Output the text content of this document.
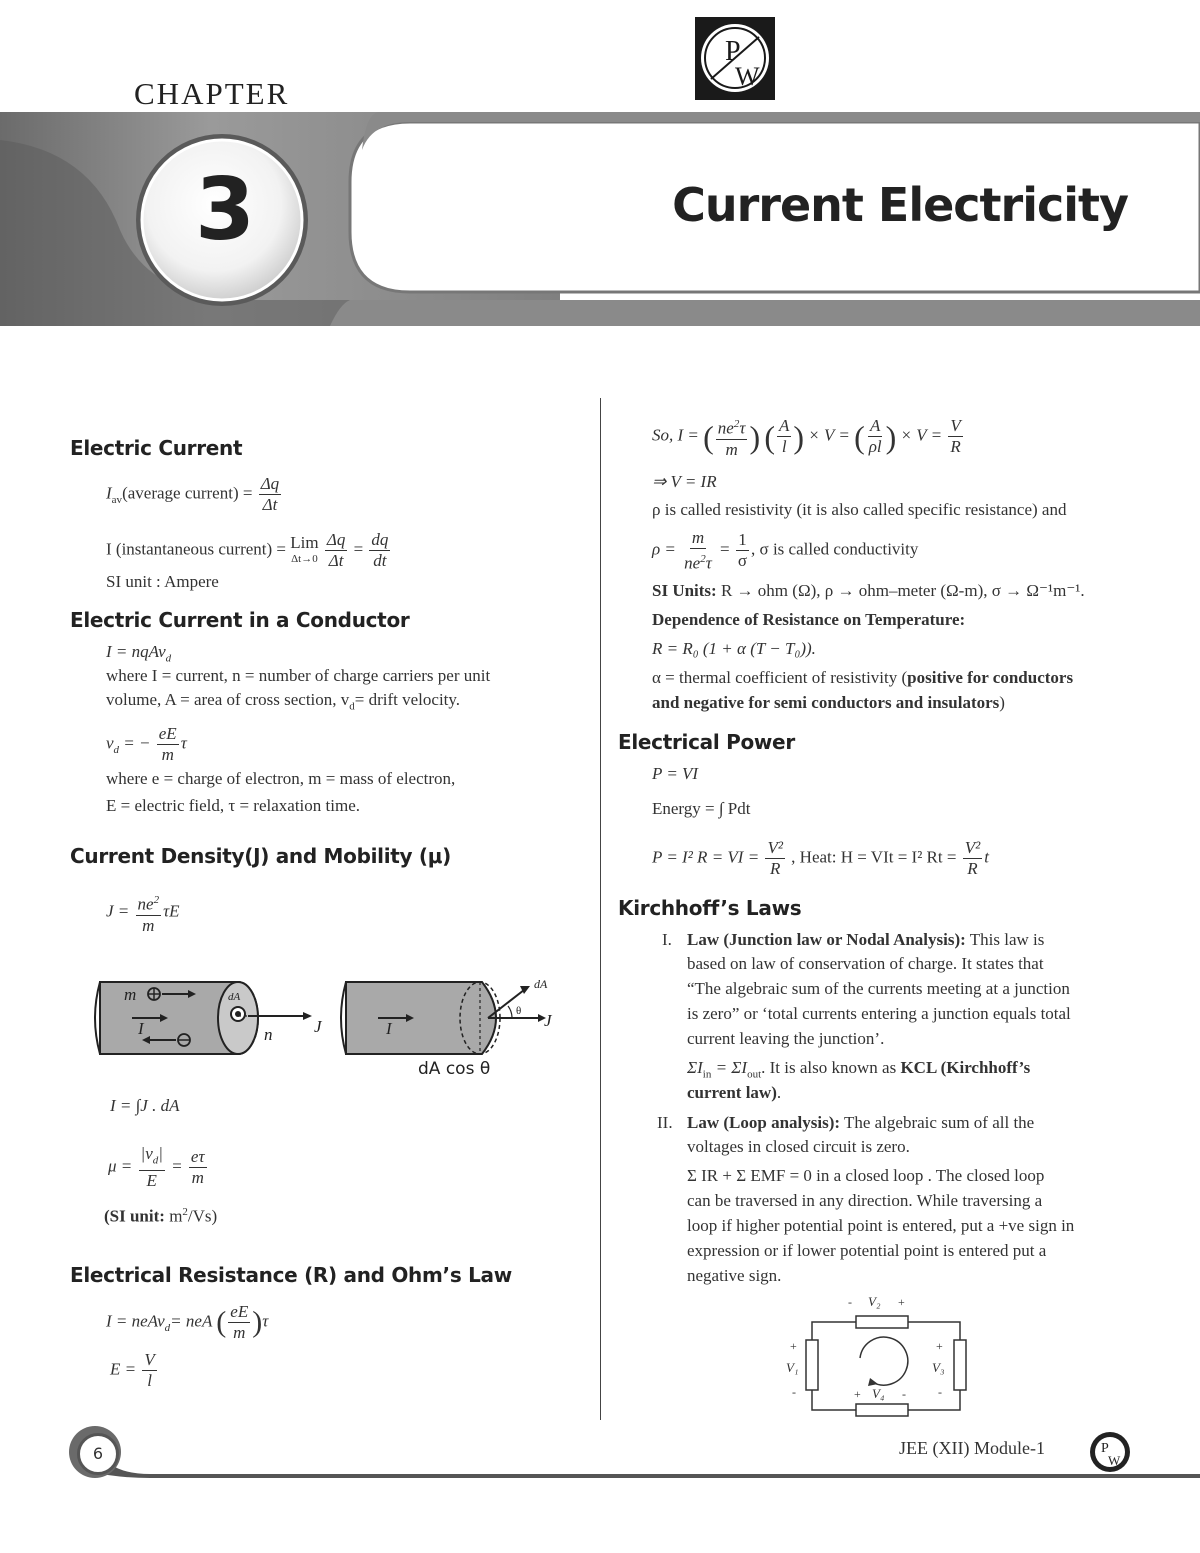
P
W
CHAPTER
3	Current Electricity
Electric Current
$I_{av}(average$ current) = $\frac{\Delta q}{\Delta t}$
I (instantaneous current) = Lim
Δt→0
$\frac{\Delta q}{\Delta t} = \frac{dq}{dt}$
SI unit : Ampere
Electric Current in a Conductor
I = nqAv$_d$
where I = current, n = number of charge carriers per unit
volume, A = area of cross section, $v_d=$ drift velocity.
$v_d$ = − $\frac{eE}{m}$ τ
where e = charge of electron, m = mass of electron,
E = electric field, τ = relaxation time.
Current Density(J) and Mobility (μ)
$J = \frac{ne^2}{m}$ τE
m
I
dA
n J	I
θ
dA
J
dA cos θ
I = ∫J . dA
$\mu = \frac{|v_d|}{E} = \frac{e\tau}{m}$
(SI unit: $m^2/Vs$)
Electrical Resistance (R) and Ohm’s Law
I = neAv$_d$= neA ( $\frac{eE}{m} )\tau$
$E = \frac{V}{l}$
So, I = ( $\frac{ne^2\tau}{m}$ ) ( $\frac{A}{l}$ ) × V = ( $\frac{A}{\rho l}$ ) × $V = \frac{V}{R}$
⇒ V = IR
ρ is called resistivity (it is also called specific resistance) and
$\rho = \frac{m}{ne^2\tau} = \frac{1}{\sigma}$ , σ is called conductivity
SI Units: R → ohm (Ω), ρ → ohm–meter (Ω-m), σ → Ω⁻¹m⁻¹.
Dependence of Resistance on Temperature:
R = R₀ (1 + α (T − T₀)).
α = thermal coefficient of resistivity (positive for conductors
and negative for semi conductors and insulators)
Electrical Power
P = VI
Energy = ∫ Pdt
P = I² R = VI = $\frac{\text{V²}}{R}$ , Heat: H = VIt = I² $Rt = \frac{\text{V²}}{R}$ t
Kirchhoff’s Laws
I. Law (Junction law or Nodal Analysis): This law is
based on law of conservation of charge. It states that
“The algebraic sum of the currents meeting at a junction
is zero” or ‘total currents entering a junction equals total
current leaving the junction’.
$\Sigma I_{in} = \Sigma I_{out}$. It is also known as KCL (Kirchhoff’s
current law).
II. Law (Loop analysis): The algebraic sum of all the
voltages in closed circuit is zero.
Σ IR + Σ EMF = 0 in a closed loop . The closed loop
can be traversed in any direction. While traversing a
loop if higher potential point is entered, put a +ve sign in
expression or if lower potential point is entered put a
negative sign.
- V₂ +
+
V₁
-
+
V₃
-
+ V₄ -
6	JEE (XII) Module-1	P
W
